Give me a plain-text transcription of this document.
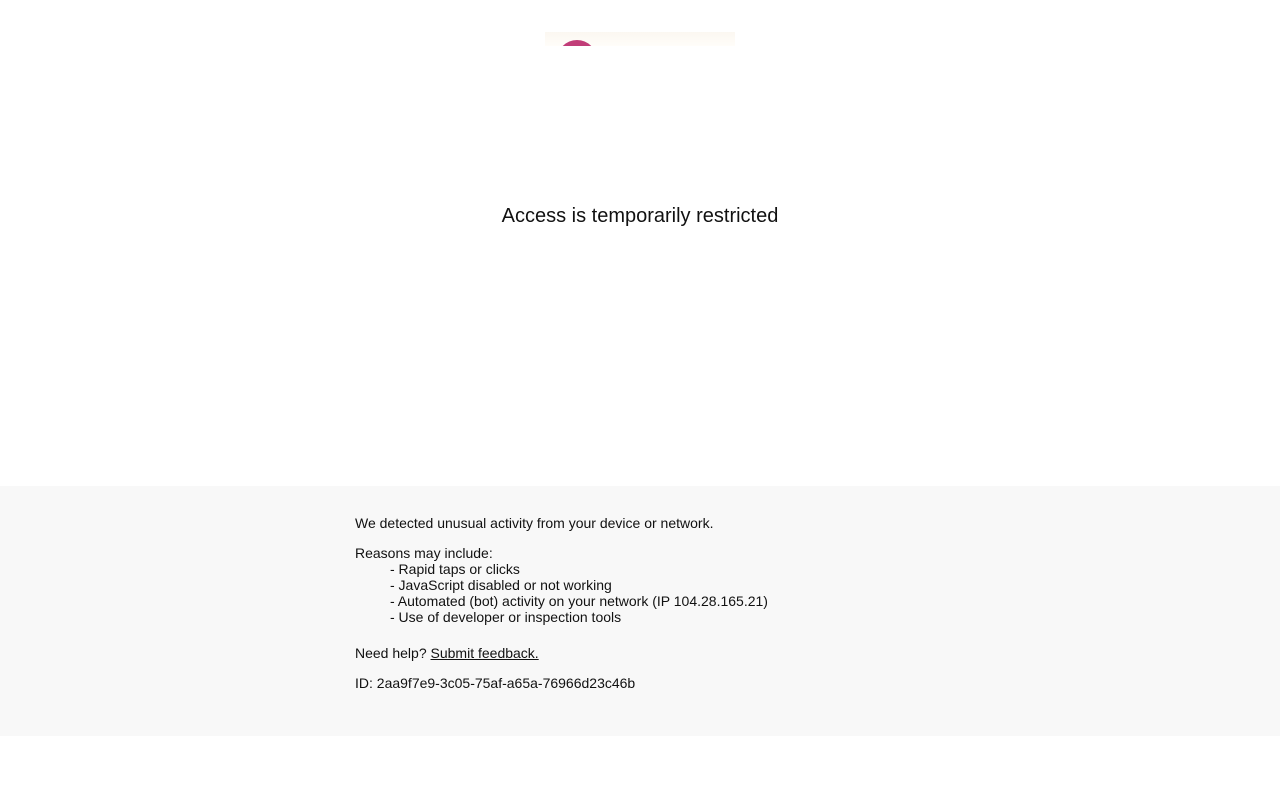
Access is temporarily restricted

We detected unusual activity from your device or network.

Reasons may include:

- Rapid taps or clicks
- JavaScript disabled or not working
- Automated (bot) activity on your network (IP 104.28.165.21)
- Use of developer or inspection tools

Need help? Submit feedback.

ID: 2aa9f7e9-3c05-75af-a65a-76966d23c46b
